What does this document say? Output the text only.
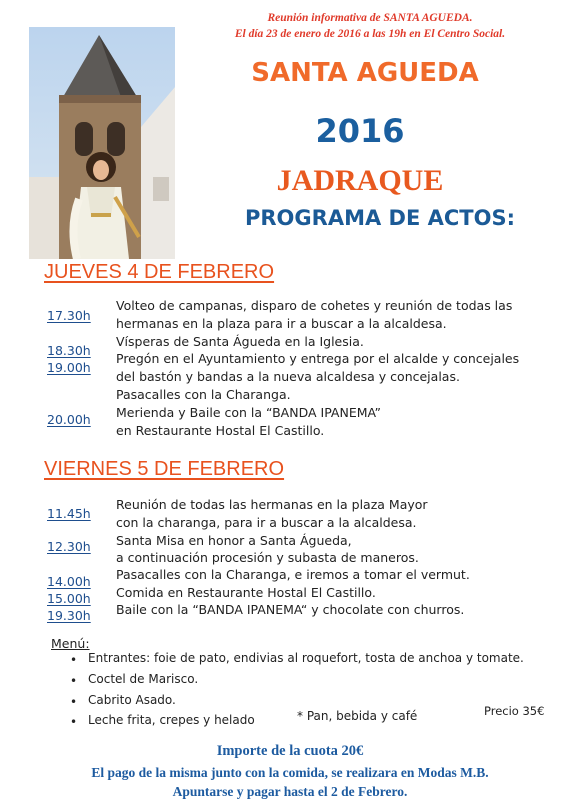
Reunión informativa de SANTA AGUEDA.
El día 23 de enero de 2016 a las 19h en El Centro Social.
SANTA AGUEDA
2016
JADRAQUE
PROGRAMA DE ACTOS:
JUEVES 4 DE FEBRERO
17.30h
Volteo de campanas, disparo de cohetes y reunión de todas las
hermanas en la plaza para ir a buscar a la alcaldesa.
18.30h
Vísperas de Santa Águeda en la Iglesia.
19.00h
Pregón en el Ayuntamiento y entrega por el alcalde y concejales
del bastón y bandas a la nueva alcaldesa y concejalas.
Pasacalles con la Charanga.
20.00h Merienda y Baile con la “BANDA IPANEMA”
en Restaurante Hostal El Castillo.
VIERNES 5 DE FEBRERO
11.45h
Reunión de todas las hermanas en la plaza Mayor
con la charanga, para ir a buscar a la alcaldesa.
12.30h Santa Misa en honor a Santa Águeda,
a continuación procesión y subasta de maneros.
14.00h Pasacalles con la Charanga, e iremos a tomar el vermut.
15.00h Comida en Restaurante Hostal El Castillo.
19.30h Baile con la “BANDA IPANEMA“ y chocolate con churros.
Menú:
• Entrantes: foie de pato, endivias al roquefort, tosta de anchoa y tomate.
• Coctel de Marisco.
• Cabrito Asado.
• Leche frita, crepes y helado	* Pan, bebida y café	Precio 35€
Importe de la cuota 20€
El pago de la misma junto con la comida, se realizara en Modas M.B.
Apuntarse y pagar hasta el 2 de Febrero.
